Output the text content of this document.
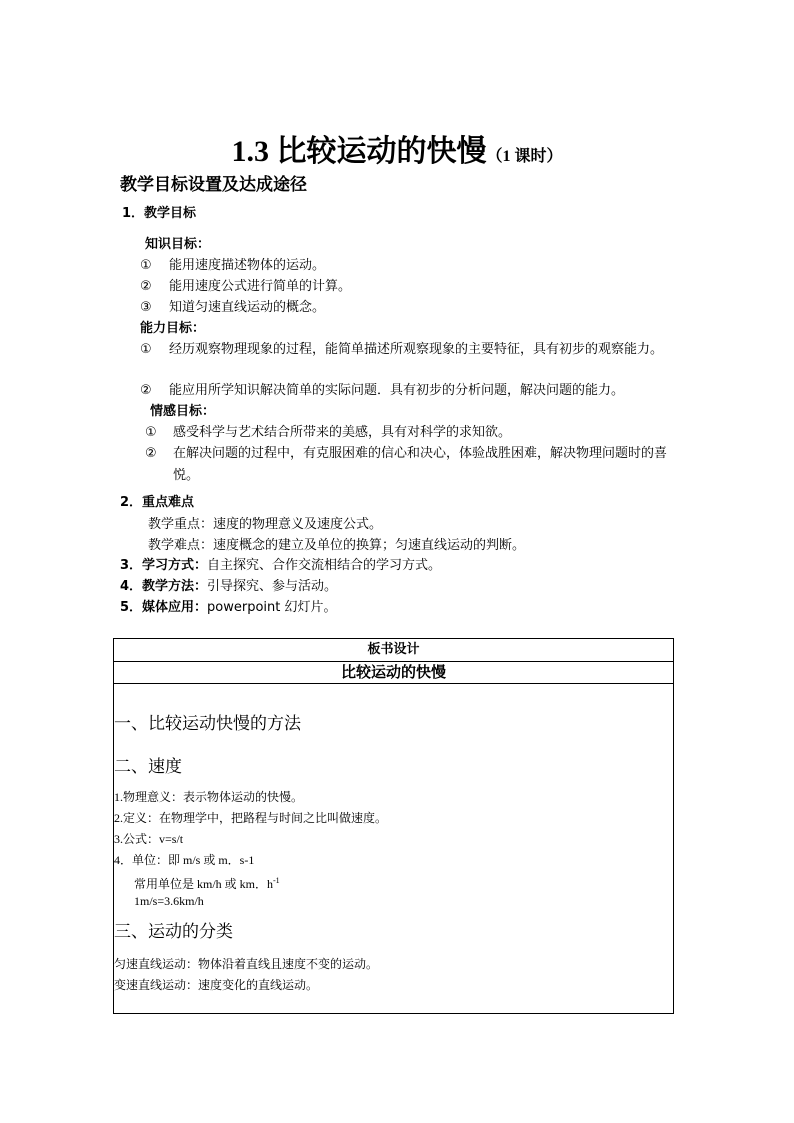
1.3 比较运动的快慢（1 课时）
教学目标设置及达成途径
1．教学目标
知识目标：
① 能用速度描述物体的运动。
② 能用速度公式进行简单的计算。
③ 知道匀速直线运动的概念。
能力目标：
① 经历观察物理现象的过程，能简单描述所观察现象的主要特征，具有初步的观察能力。
② 能应用所学知识解决简单的实际问题．具有初步的分析问题，解决问题的能力。
情感目标：
① 感受科学与艺术结合所带来的美感，具有对科学的求知欲。
② 在解决问题的过程中，有克服困难的信心和决心，体验战胜困难，解决物理问题时的喜悦。
2．重点难点
教学重点：速度的物理意义及速度公式。
教学难点：速度概念的建立及单位的换算；匀速直线运动的判断。
3．学习方式：自主探究、合作交流相结合的学习方式。
4．教学方法：引导探究、参与活动。
5．媒体应用：powerpoint 幻灯片。
板书设计
比较运动的快慢
一、比较运动快慢的方法
二、速度
1.物理意义：表示物体运动的快慢。
2.定义：在物理学中，把路程与时间之比叫做速度。
3.公式：v=s/t
4．单位：即 m/s 或 m．s-1
常用单位是 km/h 或 km．$h^{-1}$
1m/s=3.6km/h
三、运动的分类
匀速直线运动：物体沿着直线且速度不变的运动。
变速直线运动：速度变化的直线运动。
